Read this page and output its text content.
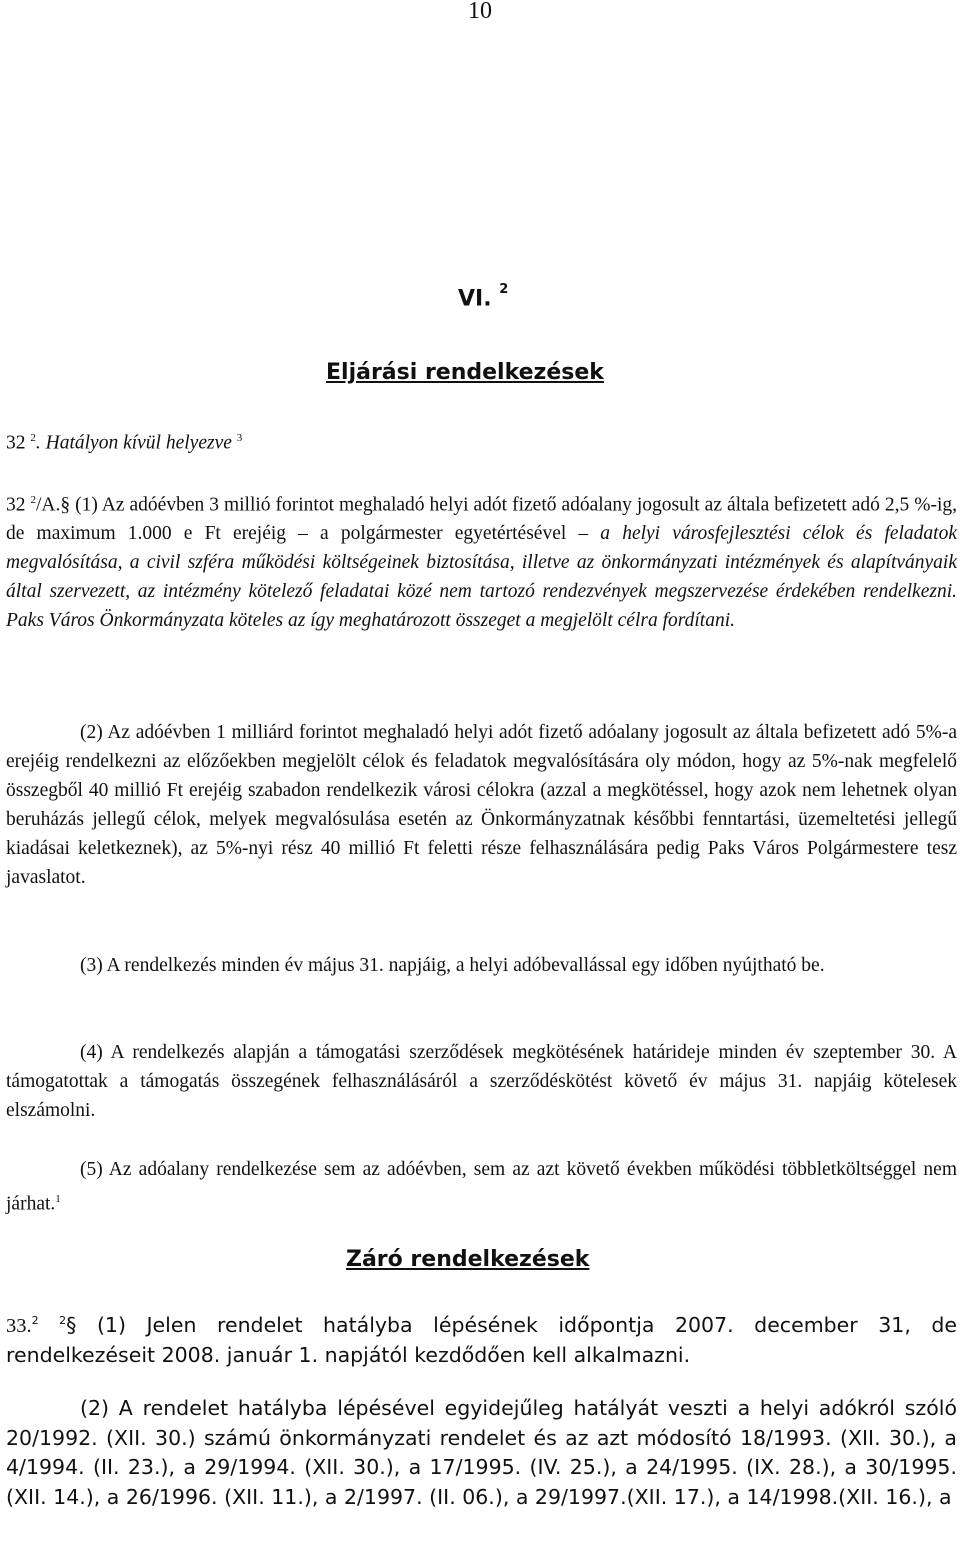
10
VI. $^2$
Eljárási rendelkezések
32 $^2$. Hatályon kívül helyezve $^3$
32 $^2$/A.§ (1) Az adóévben 3 millió forintot meghaladó helyi adót fizető adóalany jogosult az általa befizetett adó 2,5 %-ig, de maximum 1.000 e Ft erejéig – a polgármester egyetértésével – a helyi városfejlesztési célok és feladatok megvalósítása, a civil szféra működési költségeinek biztosítása, illetve az önkormányzati intézmények és alapítványaik által szervezett, az intézmény kötelező feladatai közé nem tartozó rendezvények megszervezése érdekében rendelkezni. Paks Város Önkormányzata köteles az így meghatározott összeget a megjelölt célra fordítani.
(2) Az adóévben 1 milliárd forintot meghaladó helyi adót fizető adóalany jogosult az általa befizetett adó 5%-a erejéig rendelkezni az előzőekben megjelölt célok és feladatok megvalósítására oly módon, hogy az 5%-nak megfelelő összegből 40 millió Ft erejéig szabadon rendelkezik városi célokra (azzal a megkötéssel, hogy azok nem lehetnek olyan beruházás jellegű célok, melyek megvalósulása esetén az Önkormányzatnak későbbi fenntartási, üzemeltetési jellegű kiadásai keletkeznek), az 5%-nyi rész 40 millió Ft feletti része felhasználására pedig Paks Város Polgármestere tesz javaslatot.
(3) A rendelkezés minden év május 31. napjáig, a helyi adóbevallással egy időben nyújtható be.
(4) A rendelkezés alapján a támogatási szerződések megkötésének határideje minden év szeptember 30. A támogatottak a támogatás összegének felhasználásáról a szerződéskötést követő év május 31. napjáig kötelesek elszámolni.
(5) Az adóalany rendelkezése sem az adóévben, sem az azt követő években működési többletköltséggel nem járhat.$^1$
Záró rendelkezések
33.$^2$ $^2$§ (1) Jelen rendelet hatályba lépésének időpontja 2007. december 31, de rendelkezéseit 2008. január 1. napjától kezdődően kell alkalmazni.
(2) A rendelet hatályba lépésével egyidejűleg hatályát veszti a helyi adókról szóló 20/1992. (XII. 30.) számú önkormányzati rendelet és az azt módosító 18/1993. (XII. 30.), a 4/1994. (II. 23.), a 29/1994. (XII. 30.), a 17/1995. (IV. 25.), a 24/1995. (IX. 28.), a 30/1995. (XII. 14.), a 26/1996. (XII. 11.), a 2/1997. (II. 06.), a 29/1997.(XII. 17.), a 14/1998.(XII. 16.), a
